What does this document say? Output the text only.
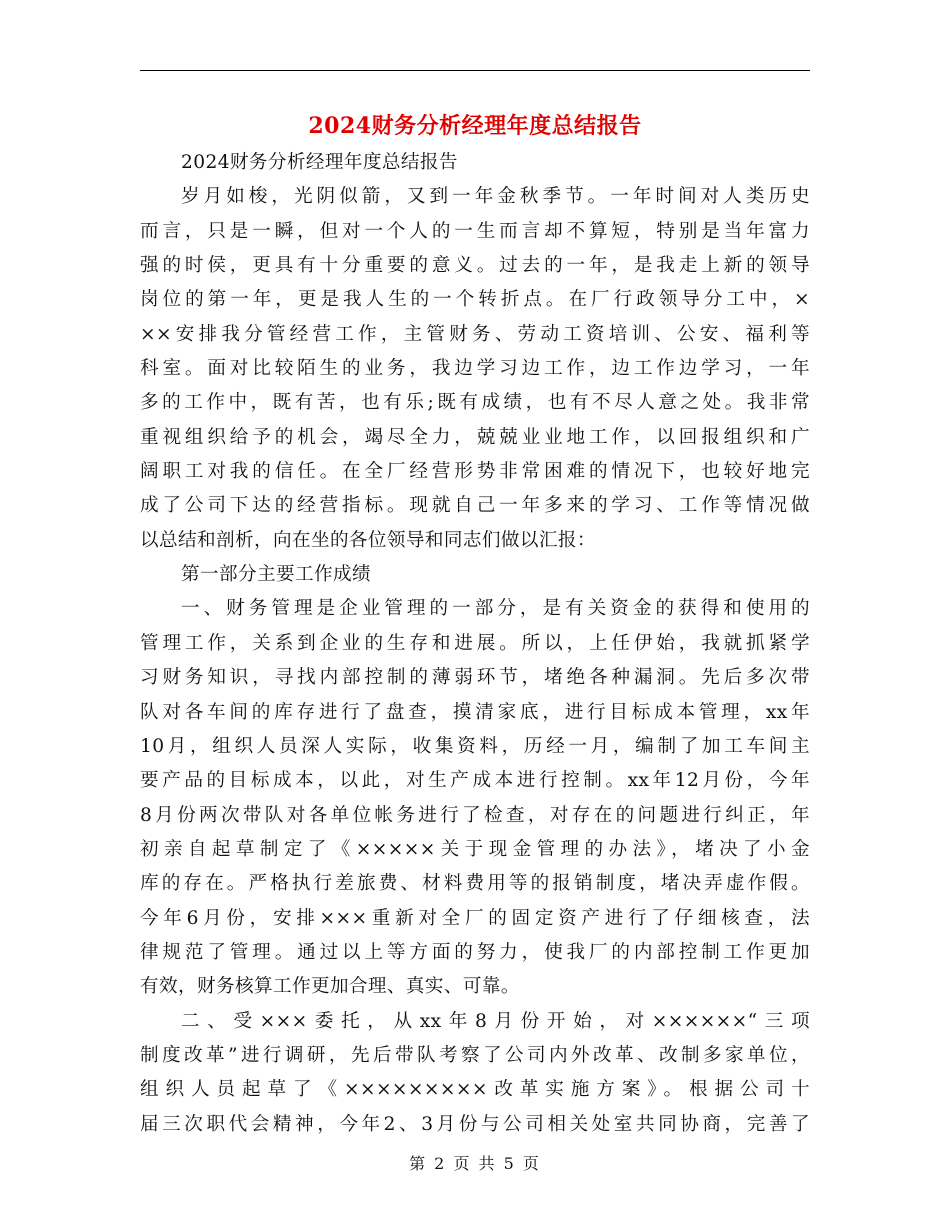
2024财务分析经理年度总结报告
2024财务分析经理年度总结报告
岁月如梭，光阴似箭，又到一年金秋季节。一年时间对人类历史
而言，只是一瞬，但对一个人的一生而言却不算短，特别是当年富力
强的时侯，更具有十分重要的意义。过去的一年，是我走上新的领导
岗位的第一年，更是我人生的一个转折点。在厂行政领导分工中，×
××安排我分管经营工作，主管财务、劳动工资培训、公安、福利等
科室。面对比较陌生的业务，我边学习边工作，边工作边学习，一年
多的工作中，既有苦，也有乐;既有成绩，也有不尽人意之处。我非常
重视组织给予的机会，竭尽全力，兢兢业业地工作，以回报组织和广
阔职工对我的信任。在全厂经营形势非常困难的情况下，也较好地完
成了公司下达的经营指标。现就自己一年多来的学习、工作等情况做
以总结和剖析，向在坐的各位领导和同志们做以汇报：
第一部分主要工作成绩
一、财务管理是企业管理的一部分，是有关资金的获得和使用的
管理工作，关系到企业的生存和进展。所以，上任伊始，我就抓紧学
习财务知识，寻找内部控制的薄弱环节，堵绝各种漏洞。先后多次带
队对各车间的库存进行了盘查，摸清家底，进行目标成本管理，xx年
10月，组织人员深人实际，收集资料，历经一月，编制了加工车间主
要产品的目标成本，以此，对生产成本进行控制。xx年12月份，今年
8月份两次带队对各单位帐务进行了检查，对存在的问题进行纠正，年
初亲自起草制定了《×××××关于现金管理的办法》，堵决了小金
库的存在。严格执行差旅费、材料费用等的报销制度，堵决弄虚作假。
今年6月份，安排×××重新对全厂的固定资产进行了仔细核查，法
律规范了管理。通过以上等方面的努力，使我厂的内部控制工作更加
有效，财务核算工作更加合理、真实、可靠。
二、受×××委托，从xx年8月份开始，对××××××“三项
制度改革”进行调研，先后带队考察了公司内外改革、改制多家单位，
组织人员起草了《×××××××××改革实施方案》。根据公司十
届三次职代会精神，今年2、3月份与公司相关处室共同协商，完善了
第 2 页 共 5 页
